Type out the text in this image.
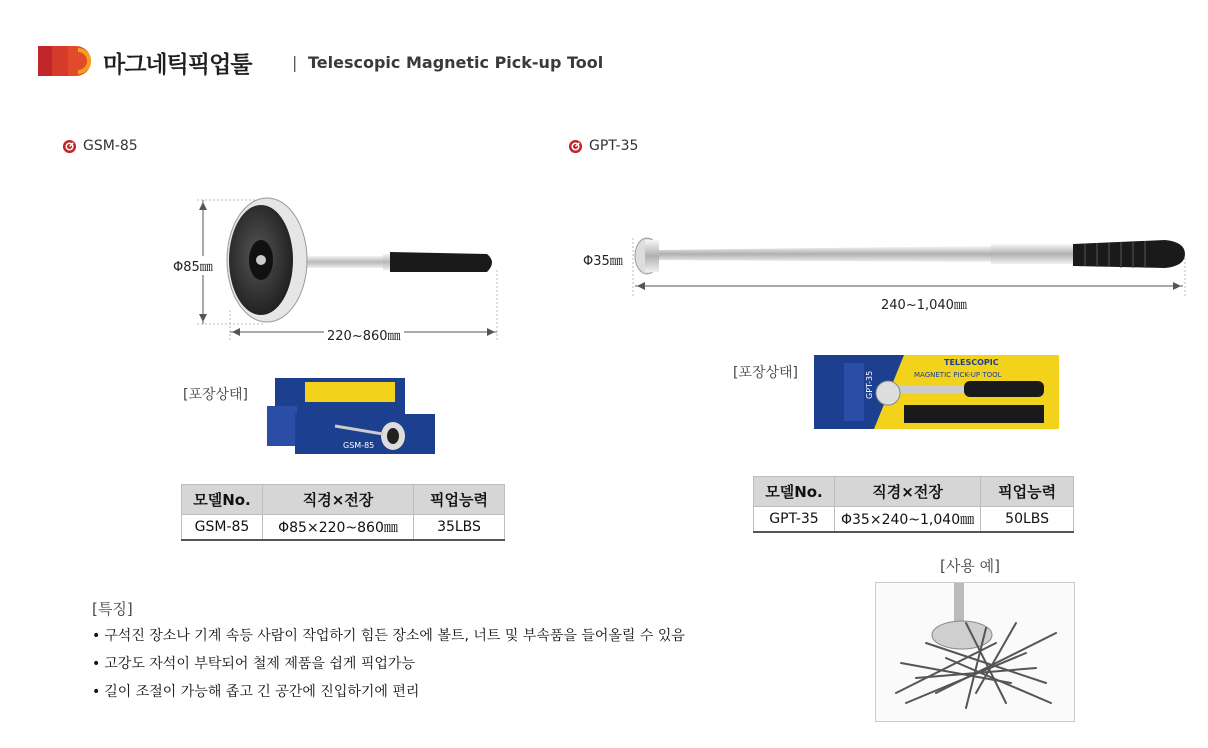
마그네틱픽업툴	| Telescopic Magnetic Pick-up Tool
GSM-85
Φ85㎜
220~860㎜
[포장상태]
GSM-85
GPT-35
Φ35㎜
240~1,040㎜
[포장상태]
TELESCOPIC
MAGNETIC PICK-UP TOOL
GPT-35
모델No.	직경×전장	픽업능력
GSM-85	Φ85×220~860㎜	35LBS
모델No.	직경×전장	픽업능력
GPT-35	Φ35×240~1,040㎜	50LBS
[특징]
• 구석진 장소나 기계 속등 사람이 작업하기 힘든 장소에 볼트, 너트 및 부속품을 들어올릴 수 있음
• 고강도 자석이 부탁되어 철제 제품을 쉽게 픽업가능
• 길이 조절이 가능해 좁고 긴 공간에 진입하기에 편리
[사용 예]
